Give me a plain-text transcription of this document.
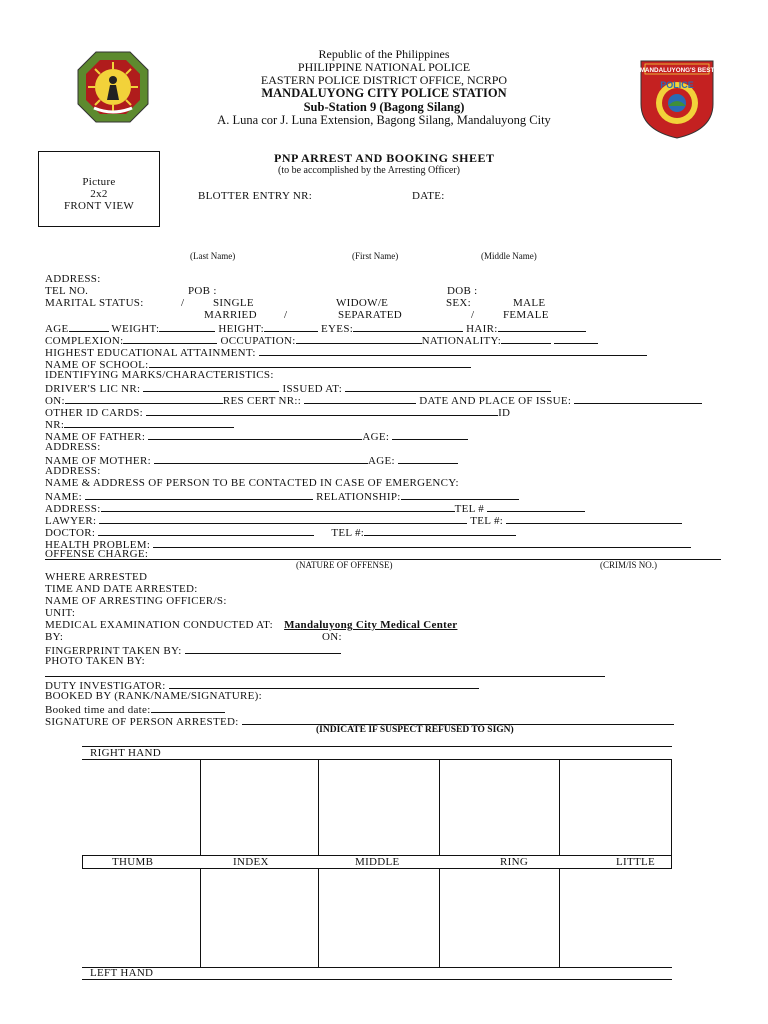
MANDALUYONG'S BEST
POLICE
Republic of the Philippines
PHILIPPINE NATIONAL POLICE
EASTERN POLICE DISTRICT OFFICE, NCRPO
MANDALUYONG CITY POLICE STATION
Sub-Station 9 (Bagong Silang)
A. Luna cor J. Luna Extension, Bagong Silang, Mandaluyong City
Picture
2x2
FRONT VIEW
PNP ARREST AND BOOKING SHEET
(to be accomplished by the Arresting Officer)
BLOTTER ENTRY NR:	DATE:
(Last Name)	(First Name)	(Middle Name)
ADDRESS:
TEL NO.	POB :	DOB :
MARITAL STATUS:	/	SINGLE	WIDOW/E	SEX:	MALE
MARRIED /	SEPARATED	/	FEMALE
AGE	WEIGHT:	HEIGHT:	EYES:	HAIR:
COMPLEXION:	OCCUPATION:	NATIONALITY:
HIGHEST EDUCATIONAL ATTAINMENT:
NAME OF SCHOOL:
IDENTIFYING MARKS/CHARACTERISTICS:
DRIVER'S LIC NR:	ISSUED AT:
ON:	RES CERT NR::	DATE AND PLACE OF ISSUE:
OTHER ID CARDS:	ID
NR:
NAME OF FATHER:	AGE:
ADDRESS:
NAME OF MOTHER:	AGE:
ADDRESS:
NAME & ADDRESS OF PERSON TO BE CONTACTED IN CASE OF EMERGENCY:
NAME:	RELATIONSHIP:
ADDRESS:	TEL #
LAWYER:	TEL #:
DOCTOR:	TEL #:
HEALTH PROBLEM:
OFFENSE CHARGE:
(NATURE OF OFFENSE)	(CRIM/IS NO.)
WHERE ARRESTED
TIME AND DATE ARRESTED:
NAME OF ARRESTING OFFICER/S:
UNIT:
MEDICAL EXAMINATION CONDUCTED AT: Mandaluyong City Medical Center
BY:	ON:
FINGERPRINT TAKEN BY:
PHOTO TAKEN BY:
DUTY INVESTIGATOR:
BOOKED BY (RANK/NAME/SIGNATURE):
Booked time and date:
SIGNATURE OF PERSON ARRESTED:
(INDICATE IF SUSPECT REFUSED TO SIGN)
RIGHT HAND
THUMB	INDEX	MIDDLE	RING	LITTLE
LEFT HAND
